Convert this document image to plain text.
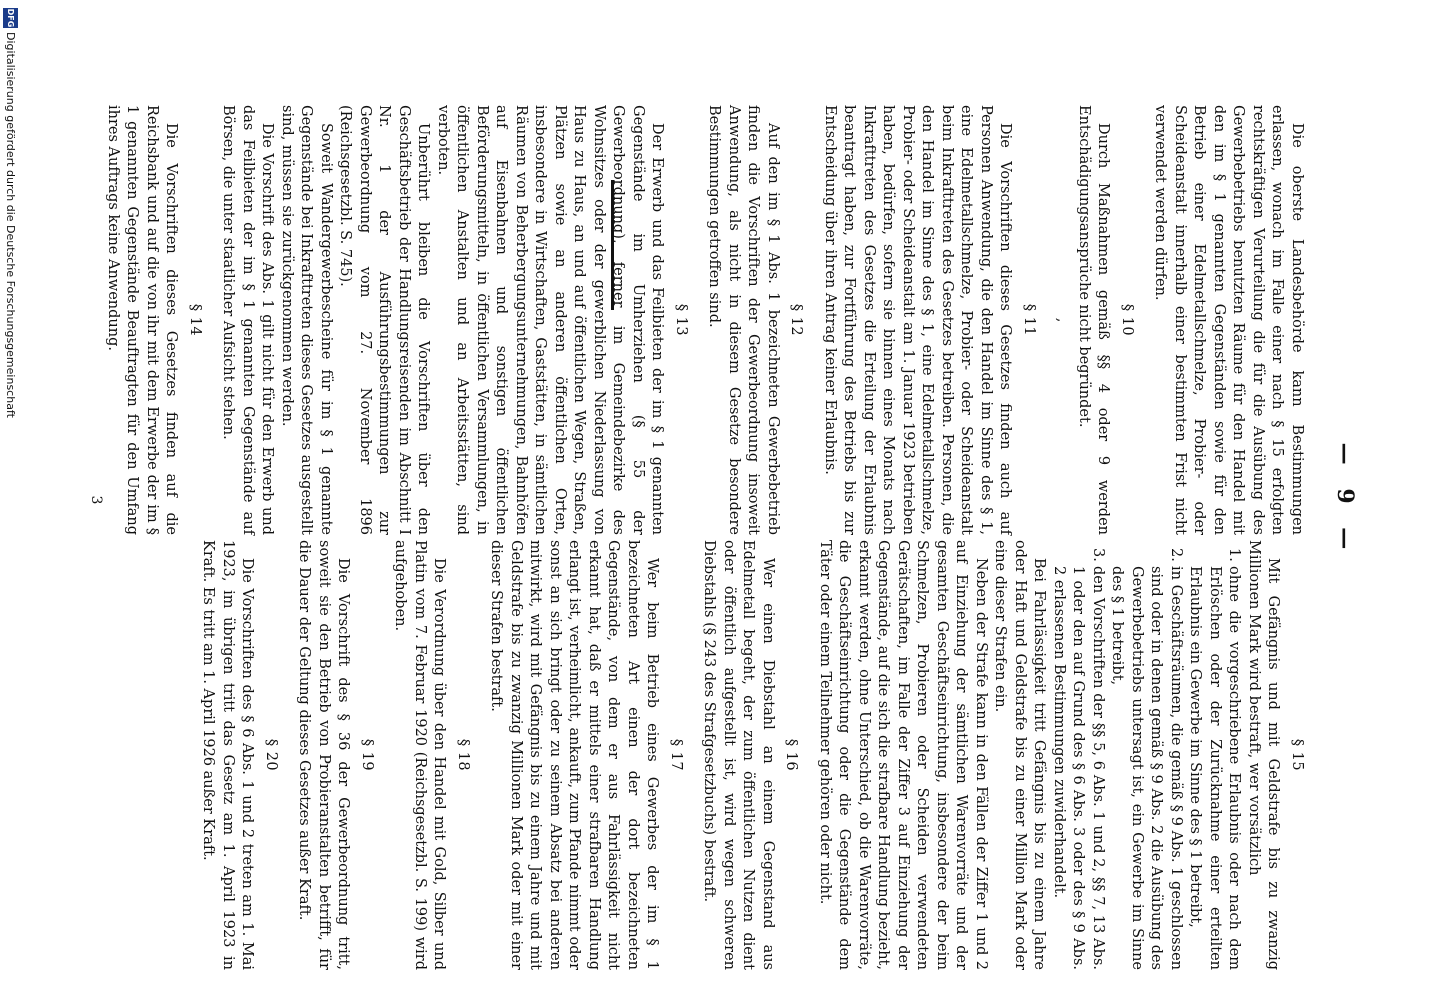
— 9 —

Die oberste Landesbehörde kann Bestimmungen erlassen, wonach im Falle einer nach § 15 erfolgten rechtskräftigen Verurteilung die für die Ausübung des Gewerbebetriebs benutzten Räume für den Handel mit den im § 1 genannten Gegenständen sowie für den Betrieb einer Edelmetallschmelze, Probier- oder Scheideanstalt innerhalb einer bestimmten Frist nicht verwendet werden dürfen.

§ 10

Durch Maßnahmen gemäß §§ 4 oder 9 werden Entschädigungsansprüche nicht begründet.

,
§ 11

Die Vorschriften dieses Gesetzes finden auch auf Personen Anwendung, die den Handel im Sinne des § 1, eine Edelmetallschmelze, Probier- oder Scheideanstalt beim Inkrafttreten des Gesetzes betreiben. Personen, die den Handel im Sinne des § 1, eine Edelmetallschmelze, Probier- oder Scheideanstalt am 1. Januar 1923 betrieben haben, bedürfen, sofern sie binnen eines Monats nach Inkrafttreten des Gesetzes die Erteilung der Erlaubnis beantragt haben, zur Fortführung des Betriebs bis zur Entscheidung über ihren Antrag keiner Erlaubnis.

§ 12

Auf den im § 1 Abs. 1 bezeichneten Gewerbebetrieb finden die Vorschriften der Gewerbeordnung insoweit Anwendung, als nicht in diesem Gesetze besondere Bestimmungen getroffen sind.

§ 13

Der Erwerb und das Feilbieten der im § 1 genannten Gegenstände im Umherziehen (§ 55 der Gewerbeordnung), ferner im Gemeindebezirke des Wohnsitzes oder der gewerblichen Niederlassung von Haus zu Haus, an und auf öffentlichen Wegen, Straßen, Plätzen sowie an anderen öffentlichen Orten, insbesondere in Wirtschaften, Gaststätten, in sämtlichen Räumen von Beherbergungsunternehmungen, Bahnhöfen auf Eisenbahnen und sonstigen öffentlichen Beförderungsmitteln, in öffentlichen Versammlungen, in öffentlichen Anstalten und an Arbeitsstätten, sind verboten.

Unberührt bleiben die Vorschriften über den Geschäftsbetrieb der Handlungsreisenden im Abschnitt I Nr. 1 der Ausführungsbestimmungen zur Gewerbeordnung vom 27. November 1896 (Reichsgesetzbl. S. 745).

Soweit Wandergewerbescheine für im § 1 genannte Gegenstände bei Inkrafttreten dieses Gesetzes ausgestellt sind, müssen sie zurückgenommen werden.

Die Vorschrift des Abs. 1 gilt nicht für den Erwerb und das Feilbieten der im § 1 genannten Gegenstände auf Börsen, die unter staatlicher Aufsicht stehen.

§ 14

Die Vorschriften dieses Gesetzes finden auf die Reichsbank und auf die von ihr mit dem Erwerbe der im § 1 genannten Gegenstände Beauftragten für den Umfang ihres Auftrags keine Anwendung.

§ 15

Mit Gefängnis und mit Geldstrafe bis zu zwanzig Millionen Mark wird bestraft, wer vorsätzlich

1.ohne die vorgeschriebene Erlaubnis oder nach dem Erlöschen oder der Zurücknahme einer erteilten Erlaubnis ein Gewerbe im Sinne des § 1 betreibt,
2.in Geschäftsräumen, die gemäß § 9 Abs. 1 geschlossen sind oder in denen gemäß § 9 Abs. 2 die Ausübung des Gewerbebetriebs untersagt ist, ein Gewerbe im Sinne des § 1 betreibt,
3.den Vorschriften der §§ 5, 6 Abs. 1 und 2, §§ 7, 13 Abs. 1 oder den auf Grund des § 6 Abs. 3 oder des § 9 Abs. 2 erlassenen Bestimmungen zuwiderhandelt.

Bei Fahrlässigkeit tritt Gefängnis bis zu einem Jahre oder Haft und Geldstrafe bis zu einer Million Mark oder eine dieser Strafen ein.

Neben der Strafe kann in den Fällen der Ziffer 1 und 2 auf Einziehung der sämtlichen Warenvorräte und der gesamten Geschäftseinrichtung, insbesondere der beim Schmelzen, Probieren oder Scheiden verwendeten Gerätschaften, im Falle der Ziffer 3 auf Einziehung der Gegenstände, auf die sich die strafbare Handlung bezieht, erkannt werden, ohne Unterschied, ob die Warenvorräte, die Geschäftseinrichtung oder die Gegenstände dem Täter oder einem Teilnehmer gehören oder nicht.

§ 16

Wer einen Diebstahl an einem Gegenstand aus Edelmetall begeht, der zum öffentlichen Nutzen dient oder öffentlich aufgestellt ist, wird wegen schweren Diebstahls (§ 243 des Strafgesetzbuchs) bestraft.

§ 17

Wer beim Betrieb eines Gewerbes der im § 1 bezeichneten Art einen der dort bezeichneten Gegenstände, von dem er aus Fahrlässigkeit nicht erkannt hat, daß er mittels einer strafbaren Handlung erlangt ist, verheimlicht, ankauft, zum Pfande nimmt oder sonst an sich bringt oder zu seinem Absatz bei anderen mitwirkt, wird mit Gefängnis bis zu einem Jahre und mit Geldstrafe bis zu zwanzig Millionen Mark oder mit einer dieser Strafen bestraft.

§ 18

Die Verordnung über den Handel mit Gold, Silber und Platin vom 7. Februar 1920 (Reichsgesetzbl. S. 199) wird aufgehoben.

§ 19

Die Vorschrift des § 36 der Gewerbeordnung tritt, soweit sie den Betrieb von Probieranstalten betrifft, für die Dauer der Geltung dieses Gesetzes außer Kraft.

§ 20

Die Vorschriften des § 6 Abs. 1 und 2 treten am 1. Mai 1923, im übrigen tritt das Gesetz am 1. April 1923 in Kraft. Es tritt am 1. April 1926 außer Kraft.

3
DFG
Digitalisierung gefördert durch die Deutsche Forschungsgemeinschaft
